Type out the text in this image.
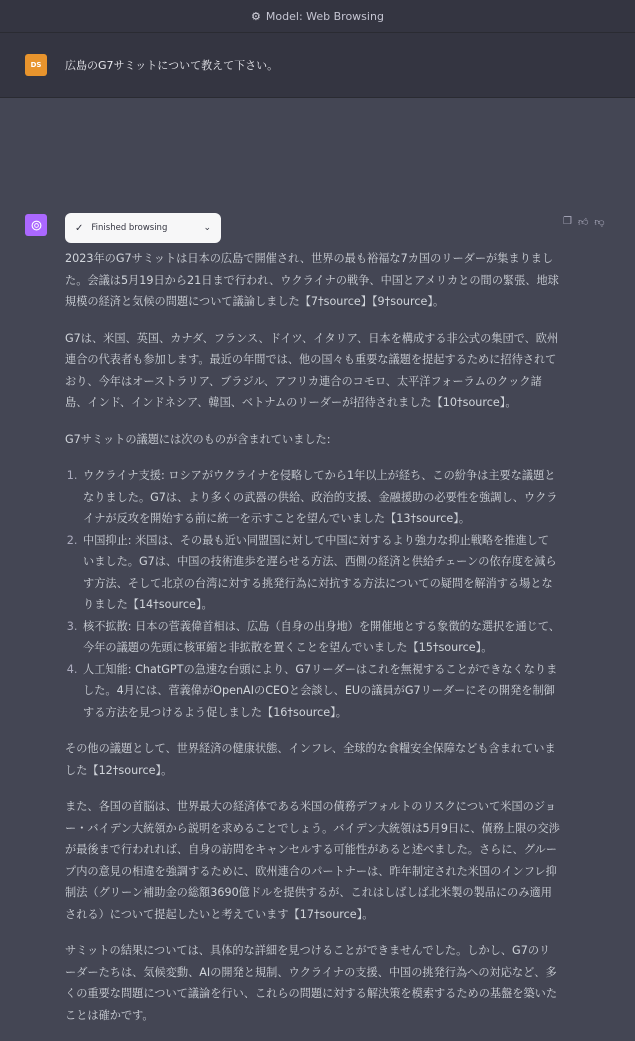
⚙ Model: Web Browsing
DS 広島のG7サミットについて教えて下さい。
✓ Finished browsing	⌄
❐ 👍︎ 👎︎

2023年のG7サミットは日本の広島で開催され、世界の最も裕福な7カ国のリーダーが集まりました。会議は5月19日から21日まで行われ、ウクライナの戦争、中国とアメリカとの間の緊張、地球規模の経済と気候の問題について議論しました【7†source】【9†source】。

G7は、米国、英国、カナダ、フランス、ドイツ、イタリア、日本を構成する非公式の集団で、欧州連合の代表者も参加します。最近の年間では、他の国々も重要な議題を提起するために招待されており、今年はオーストラリア、ブラジル、アフリカ連合のコモロ、太平洋フォーラムのクック諸島、インド、インドネシア、韓国、ベトナムのリーダーが招待されました【10†source】。

G7サミットの議題には次のものが含まれていました:

1. ウクライナ支援: ロシアがウクライナを侵略してから1年以上が経ち、この紛争は主要な議題となりました。G7は、より多くの武器の供給、政治的支援、金融援助の必要性を強調し、ウクライナが反攻を開始する前に統一を示すことを望んでいました【13†source】。
2. 中国抑止: 米国は、その最も近い同盟国に対して中国に対するより強力な抑止戦略を推進していました。G7は、中国の技術進歩を遅らせる方法、西側の経済と供給チェーンの依存度を減らす方法、そして北京の台湾に対する挑発行為に対抗する方法についての疑問を解消する場となりました【14†source】。
3. 核不拡散: 日本の菅義偉首相は、広島（自身の出身地）を開催地とする象徴的な選択を通じて、今年の議題の先頭に核軍縮と非拡散を置くことを望んでいました【15†source】。
4. 人工知能: ChatGPTの急速な台頭により、G7リーダーはこれを無視することができなくなりました。4月には、菅義偉がOpenAIのCEOと会談し、EUの議員がG7リーダーにその開発を制御する方法を見つけるよう促しました【16†source】。

その他の議題として、世界経済の健康状態、インフレ、全球的な食糧安全保障なども含まれていました【12†source】。

また、各国の首脳は、世界最大の経済体である米国の債務デフォルトのリスクについて米国のジョー・バイデン大統領から説明を求めることでしょう。バイデン大統領は5月9日に、債務上限の交渉が最後まで行われれば、自身の訪問をキャンセルする可能性があると述べました。さらに、グループ内の意見の相違を強調するために、欧州連合のパートナーは、昨年制定された米国のインフレ抑制法（グリーン補助金の総額3690億ドルを提供するが、これはしばしば北米製の製品にのみ適用される）について提起したいと考えています【17†source】。

サミットの結果については、具体的な詳細を見つけることができませんでした。しかし、G7のリーダーたちは、気候変動、AIの開発と規制、ウクライナの支援、中国の挑発行為への対応など、多くの重要な問題について議論を行い、これらの問題に対する解決策を模索するための基盤を築いたことは確かです。
